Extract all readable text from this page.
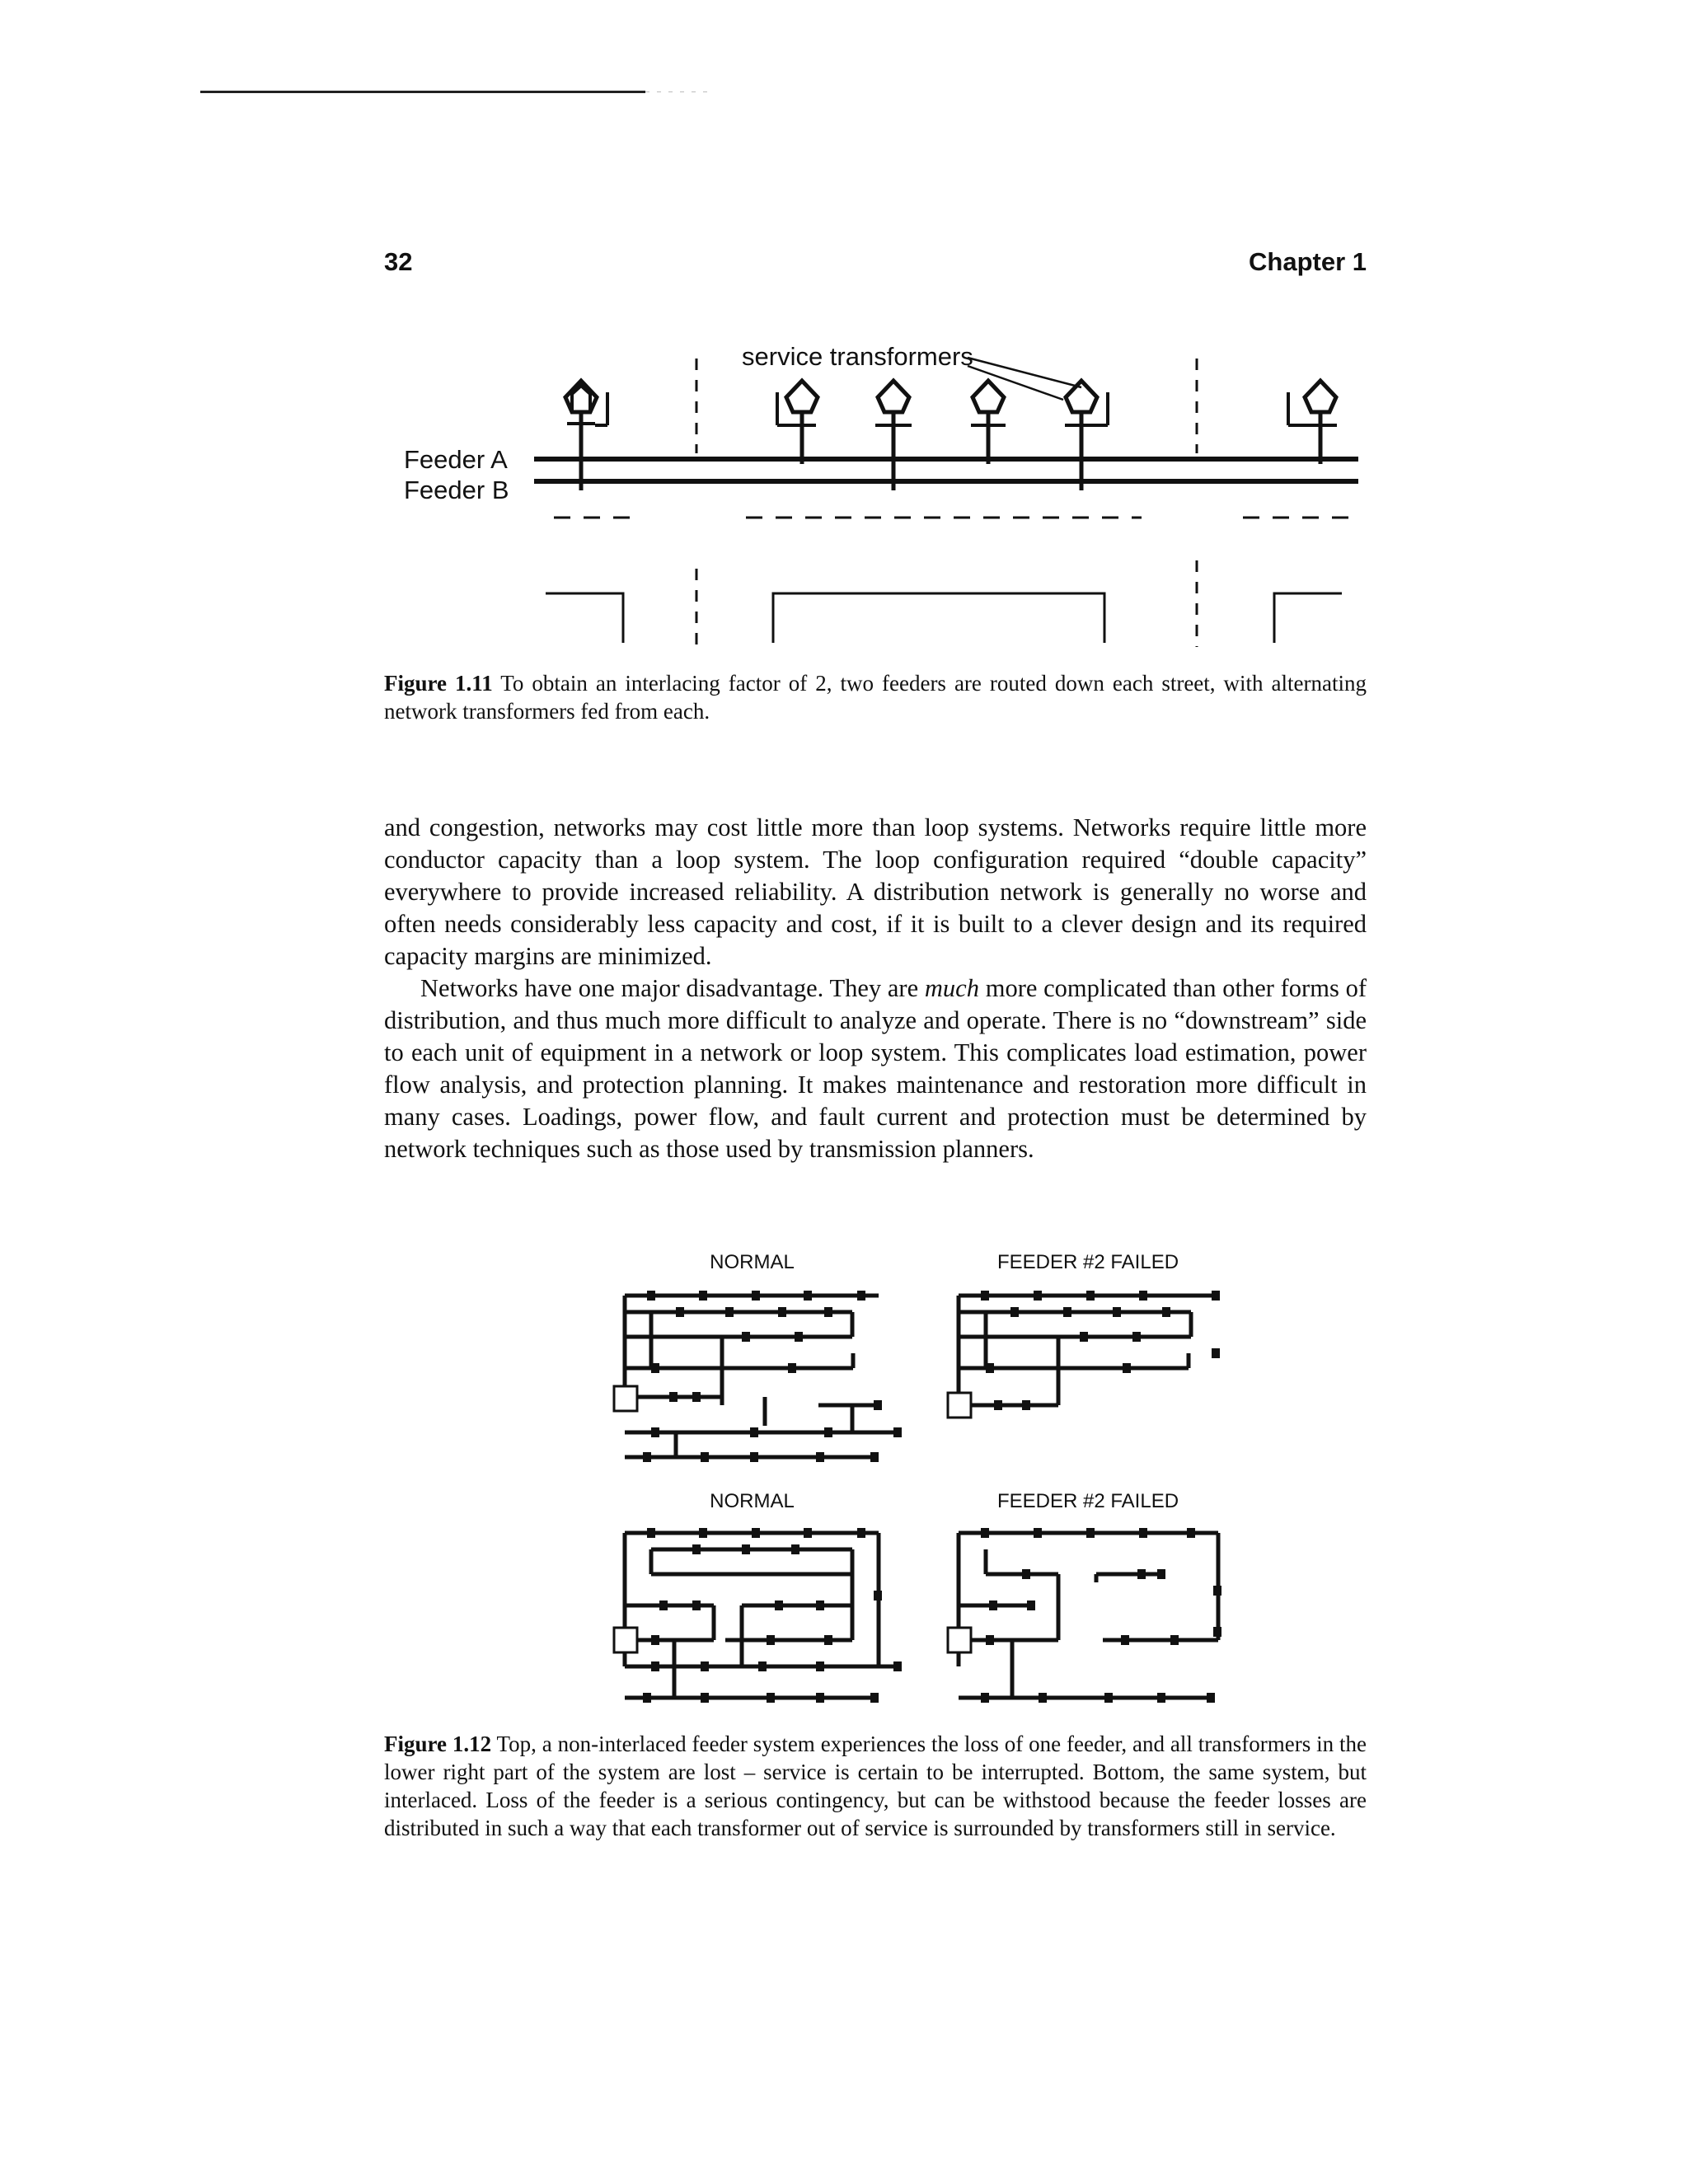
32	Chapter 1
service transformers
Feeder A
Feeder B
Figure 1.11 To obtain an interlacing factor of 2, two feeders are routed down each street, with alternating network transformers fed from each.

and congestion, networks may cost little more than loop systems. Networks require little more conductor capacity than a loop system. The loop configuration required “double capacity” everywhere to provide increased reliability. A distribution network is generally no worse and often needs considerably less capacity and cost, if it is built to a clever design and its required capacity margins are minimized.

Networks have one major disadvantage. They are much more complicated than other forms of distribution, and thus much more difficult to analyze and operate. There is no “downstream” side to each unit of equipment in a network or loop system. This complicates load estimation, power flow analysis, and protection planning. It makes maintenance and restoration more difficult in many cases. Loadings, power flow, and fault current and protection must be determined by network techniques such as those used by transmission planners.

NORMAL	FEEDER #2 FAILED
NORMAL	FEEDER #2 FAILED
Figure 1.12 Top, a non-interlaced feeder system experiences the loss of one feeder, and all transformers in the lower right part of the system are lost – service is certain to be interrupted. Bottom, the same system, but interlaced. Loss of the feeder is a serious contingency, but can be withstood because the feeder losses are distributed in such a way that each transformer out of service is surrounded by transformers still in service.
